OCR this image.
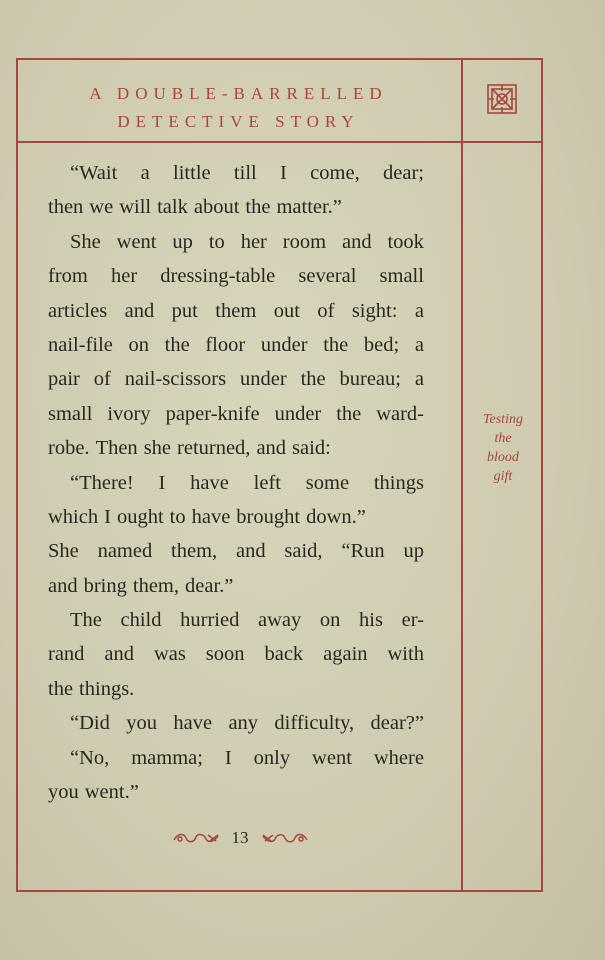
A DOUBLE-BARRELLED
DETECTIVE STORY
“Wait a little till I come, dear;
then we will talk about the matter.”
She went up to her room and took
from her dressing-table several small
articles and put them out of sight: a
nail-file on the floor under the bed; a
pair of nail-scissors under the bureau; a
small ivory paper-knife under the ward-
robe. Then she returned, and said:
“There! I have left some things
which I ought to have brought down.”
She named them, and said, “Run up
and bring them, dear.”
The child hurried away on his er-
rand and was soon back again with
the things.
“Did you have any difficulty, dear?”
“No, mamma; I only went where
you went.”
Testing
the
blood
gift
13
